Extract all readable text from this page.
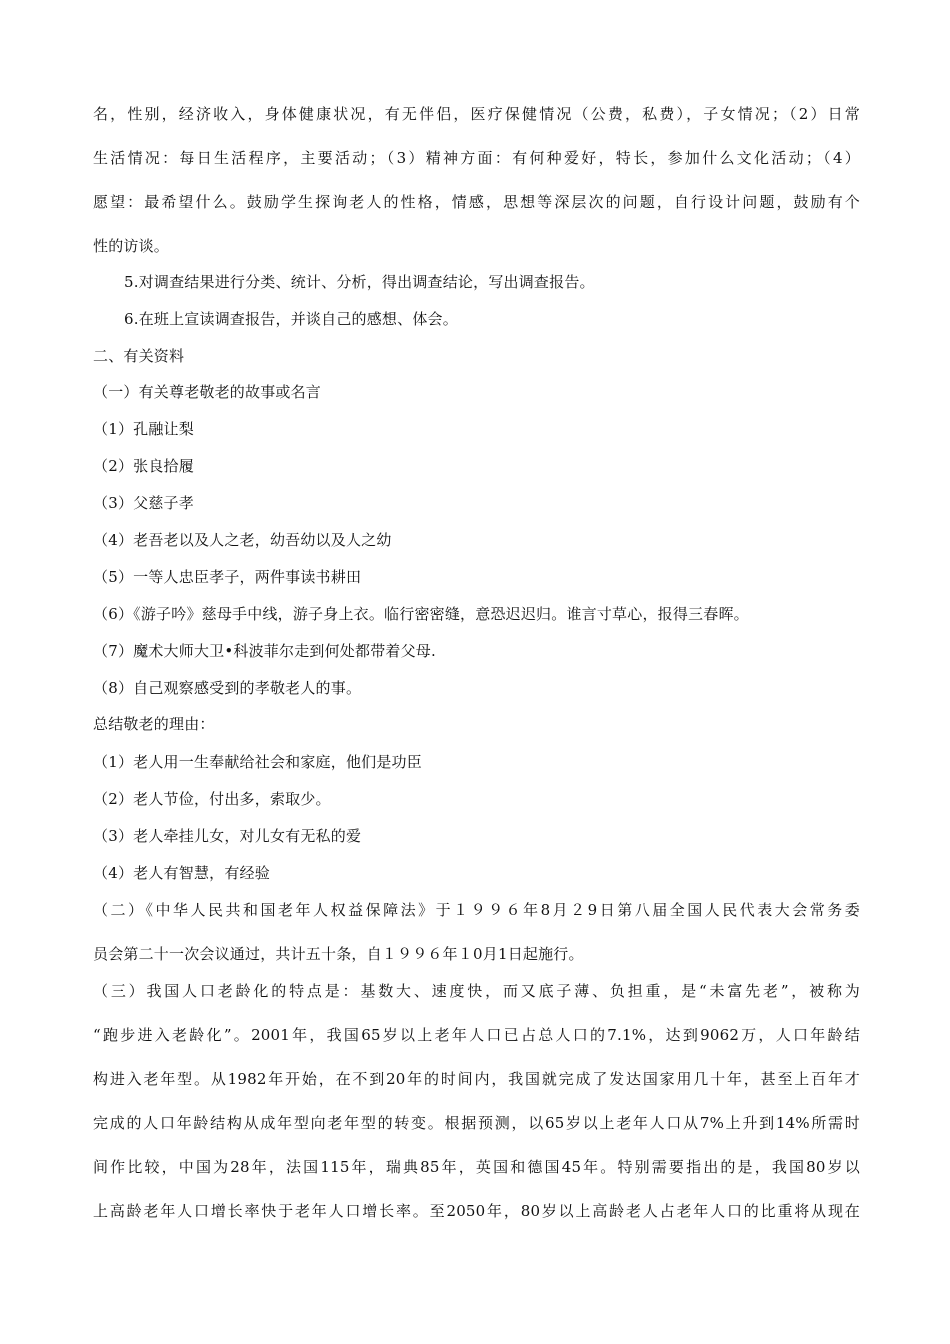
名，性别，经济收入，身体健康状况，有无伴侣，医疗保健情况（公费，私费），子女情况；（2）日常
生活情况：每日生活程序，主要活动；（3）精神方面：有何种爱好，特长，参加什么文化活动；（4）
愿望：最希望什么。鼓励学生探询老人的性格，情感，思想等深层次的问题，自行设计问题，鼓励有个
性的访谈。
5.对调查结果进行分类、统计、分析，得出调查结论，写出调查报告。
6.在班上宣读调查报告，并谈自己的感想、体会。
二、有关资料
（一）有关尊老敬老的故事或名言
（1）孔融让梨
（2）张良拾履
（3）父慈子孝
（4）老吾老以及人之老，幼吾幼以及人之幼
（5）一等人忠臣孝子，两件事读书耕田
（6）《游子吟》慈母手中线，游子身上衣。临行密密缝，意恐迟迟归。谁言寸草心，报得三春晖。
（7）魔术大师大卫•科波菲尔走到何处都带着父母.
（8）自己观察感受到的孝敬老人的事。
总结敬老的理由：
（1）老人用一生奉献给社会和家庭，他们是功臣
（2）老人节俭，付出多，索取少。
（3）老人牵挂儿女，对儿女有无私的爱
（4）老人有智慧，有经验
（二）《中华人民共和国老年人权益保障法》于１９９６年8月２9日第八届全国人民代表大会常务委
员会第二十一次会议通过，共计五十条，自１９９６年１0月1日起施行。
（三）我国人口老龄化的特点是：基数大、速度快，而又底子薄、负担重，是“未富先老”，被称为
“跑步进入老龄化”。2001年，我国65岁以上老年人口已占总人口的7.1%，达到9062万，人口年龄结
构进入老年型。从1982年开始，在不到20年的时间内，我国就完成了发达国家用几十年，甚至上百年才
完成的人口年龄结构从成年型向老年型的转变。根据预测，以65岁以上老年人口从7%上升到14%所需时
间作比较，中国为28年，法国115年，瑞典85年，英国和德国45年。特别需要指出的是，我国80岁以
上高龄老年人口增长率快于老年人口增长率。至2050年，80岁以上高龄老人占老年人口的比重将从现在
